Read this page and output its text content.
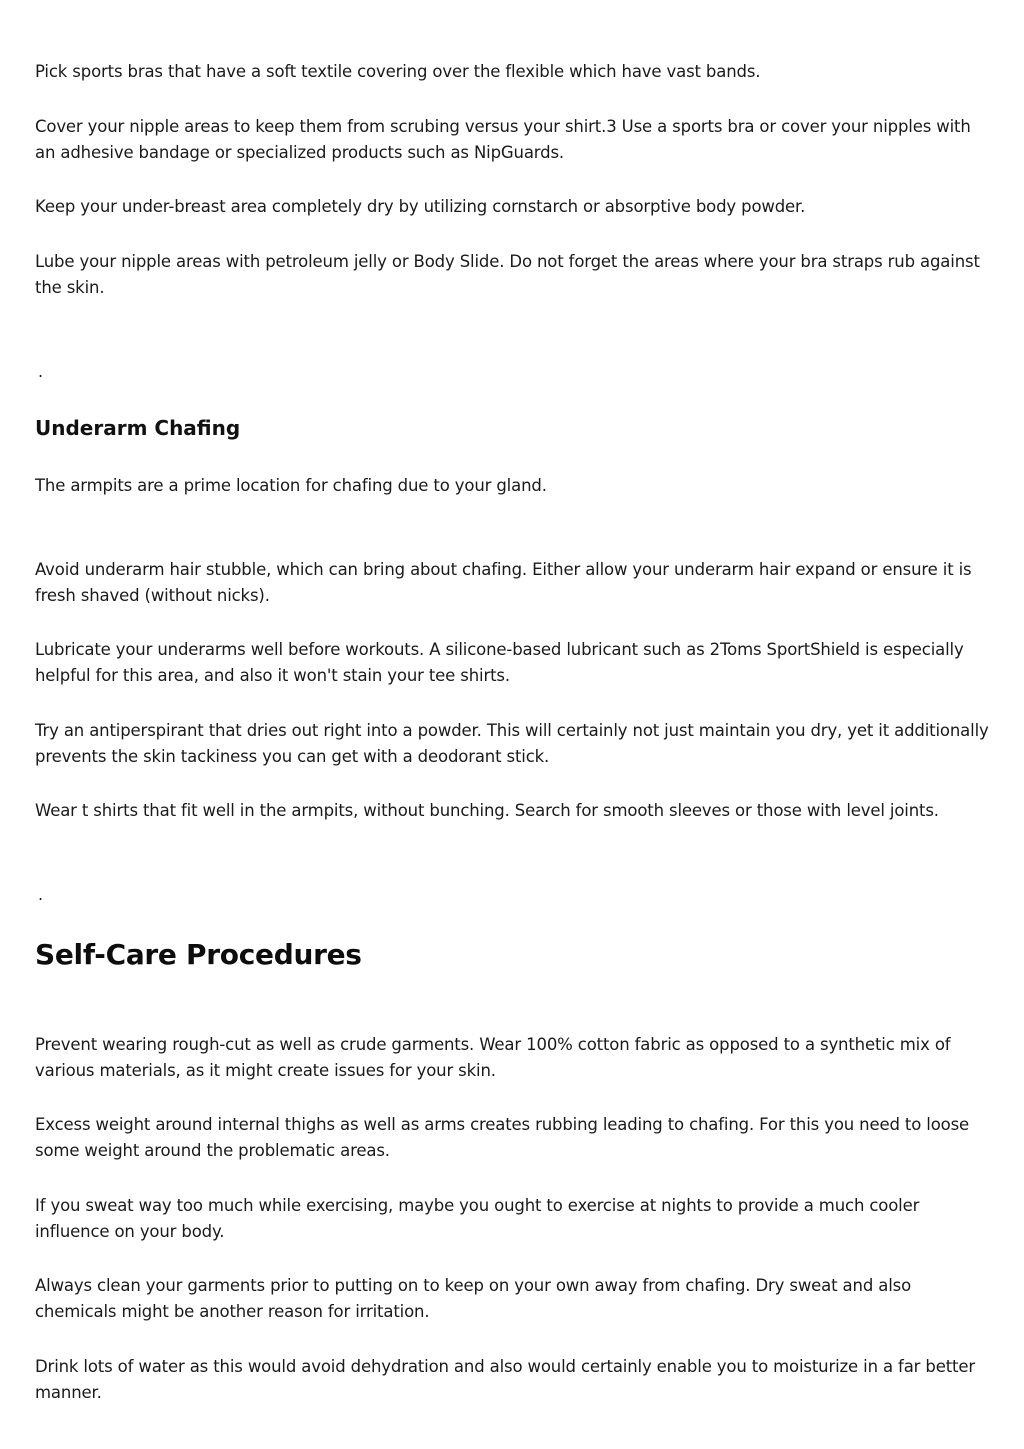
Pick sports bras that have a soft textile covering over the flexible which have vast bands.

Cover your nipple areas to keep them from scrubing versus your shirt.3 Use a sports bra or cover your nipples with an adhesive bandage or specialized products such as NipGuards.

Keep your under-breast area completely dry by utilizing cornstarch or absorptive body powder.

Lube your nipple areas with petroleum jelly or Body Slide. Do not forget the areas where your bra straps rub against the skin.

.

Underarm Chafing

The armpits are a prime location for chafing due to your gland.

Avoid underarm hair stubble, which can bring about chafing. Either allow your underarm hair expand or ensure it is fresh shaved (without nicks).

Lubricate your underarms well before workouts. A silicone-based lubricant such as 2Toms SportShield is especially helpful for this area, and also it won't stain your tee shirts.

Try an antiperspirant that dries out right into a powder. This will certainly not just maintain you dry, yet it additionally prevents the skin tackiness you can get with a deodorant stick.

Wear t shirts that fit well in the armpits, without bunching. Search for smooth sleeves or those with level joints.

.

Self-Care Procedures

Prevent wearing rough-cut as well as crude garments. Wear 100% cotton fabric as opposed to a synthetic mix of various materials, as it might create issues for your skin.

Excess weight around internal thighs as well as arms creates rubbing leading to chafing. For this you need to loose some weight around the problematic areas.

If you sweat way too much while exercising, maybe you ought to exercise at nights to provide a much cooler influence on your body.

Always clean your garments prior to putting on to keep on your own away from chafing. Dry sweat and also chemicals might be another reason for irritation.

Drink lots of water as this would avoid dehydration and also would certainly enable you to moisturize in a far better manner.
